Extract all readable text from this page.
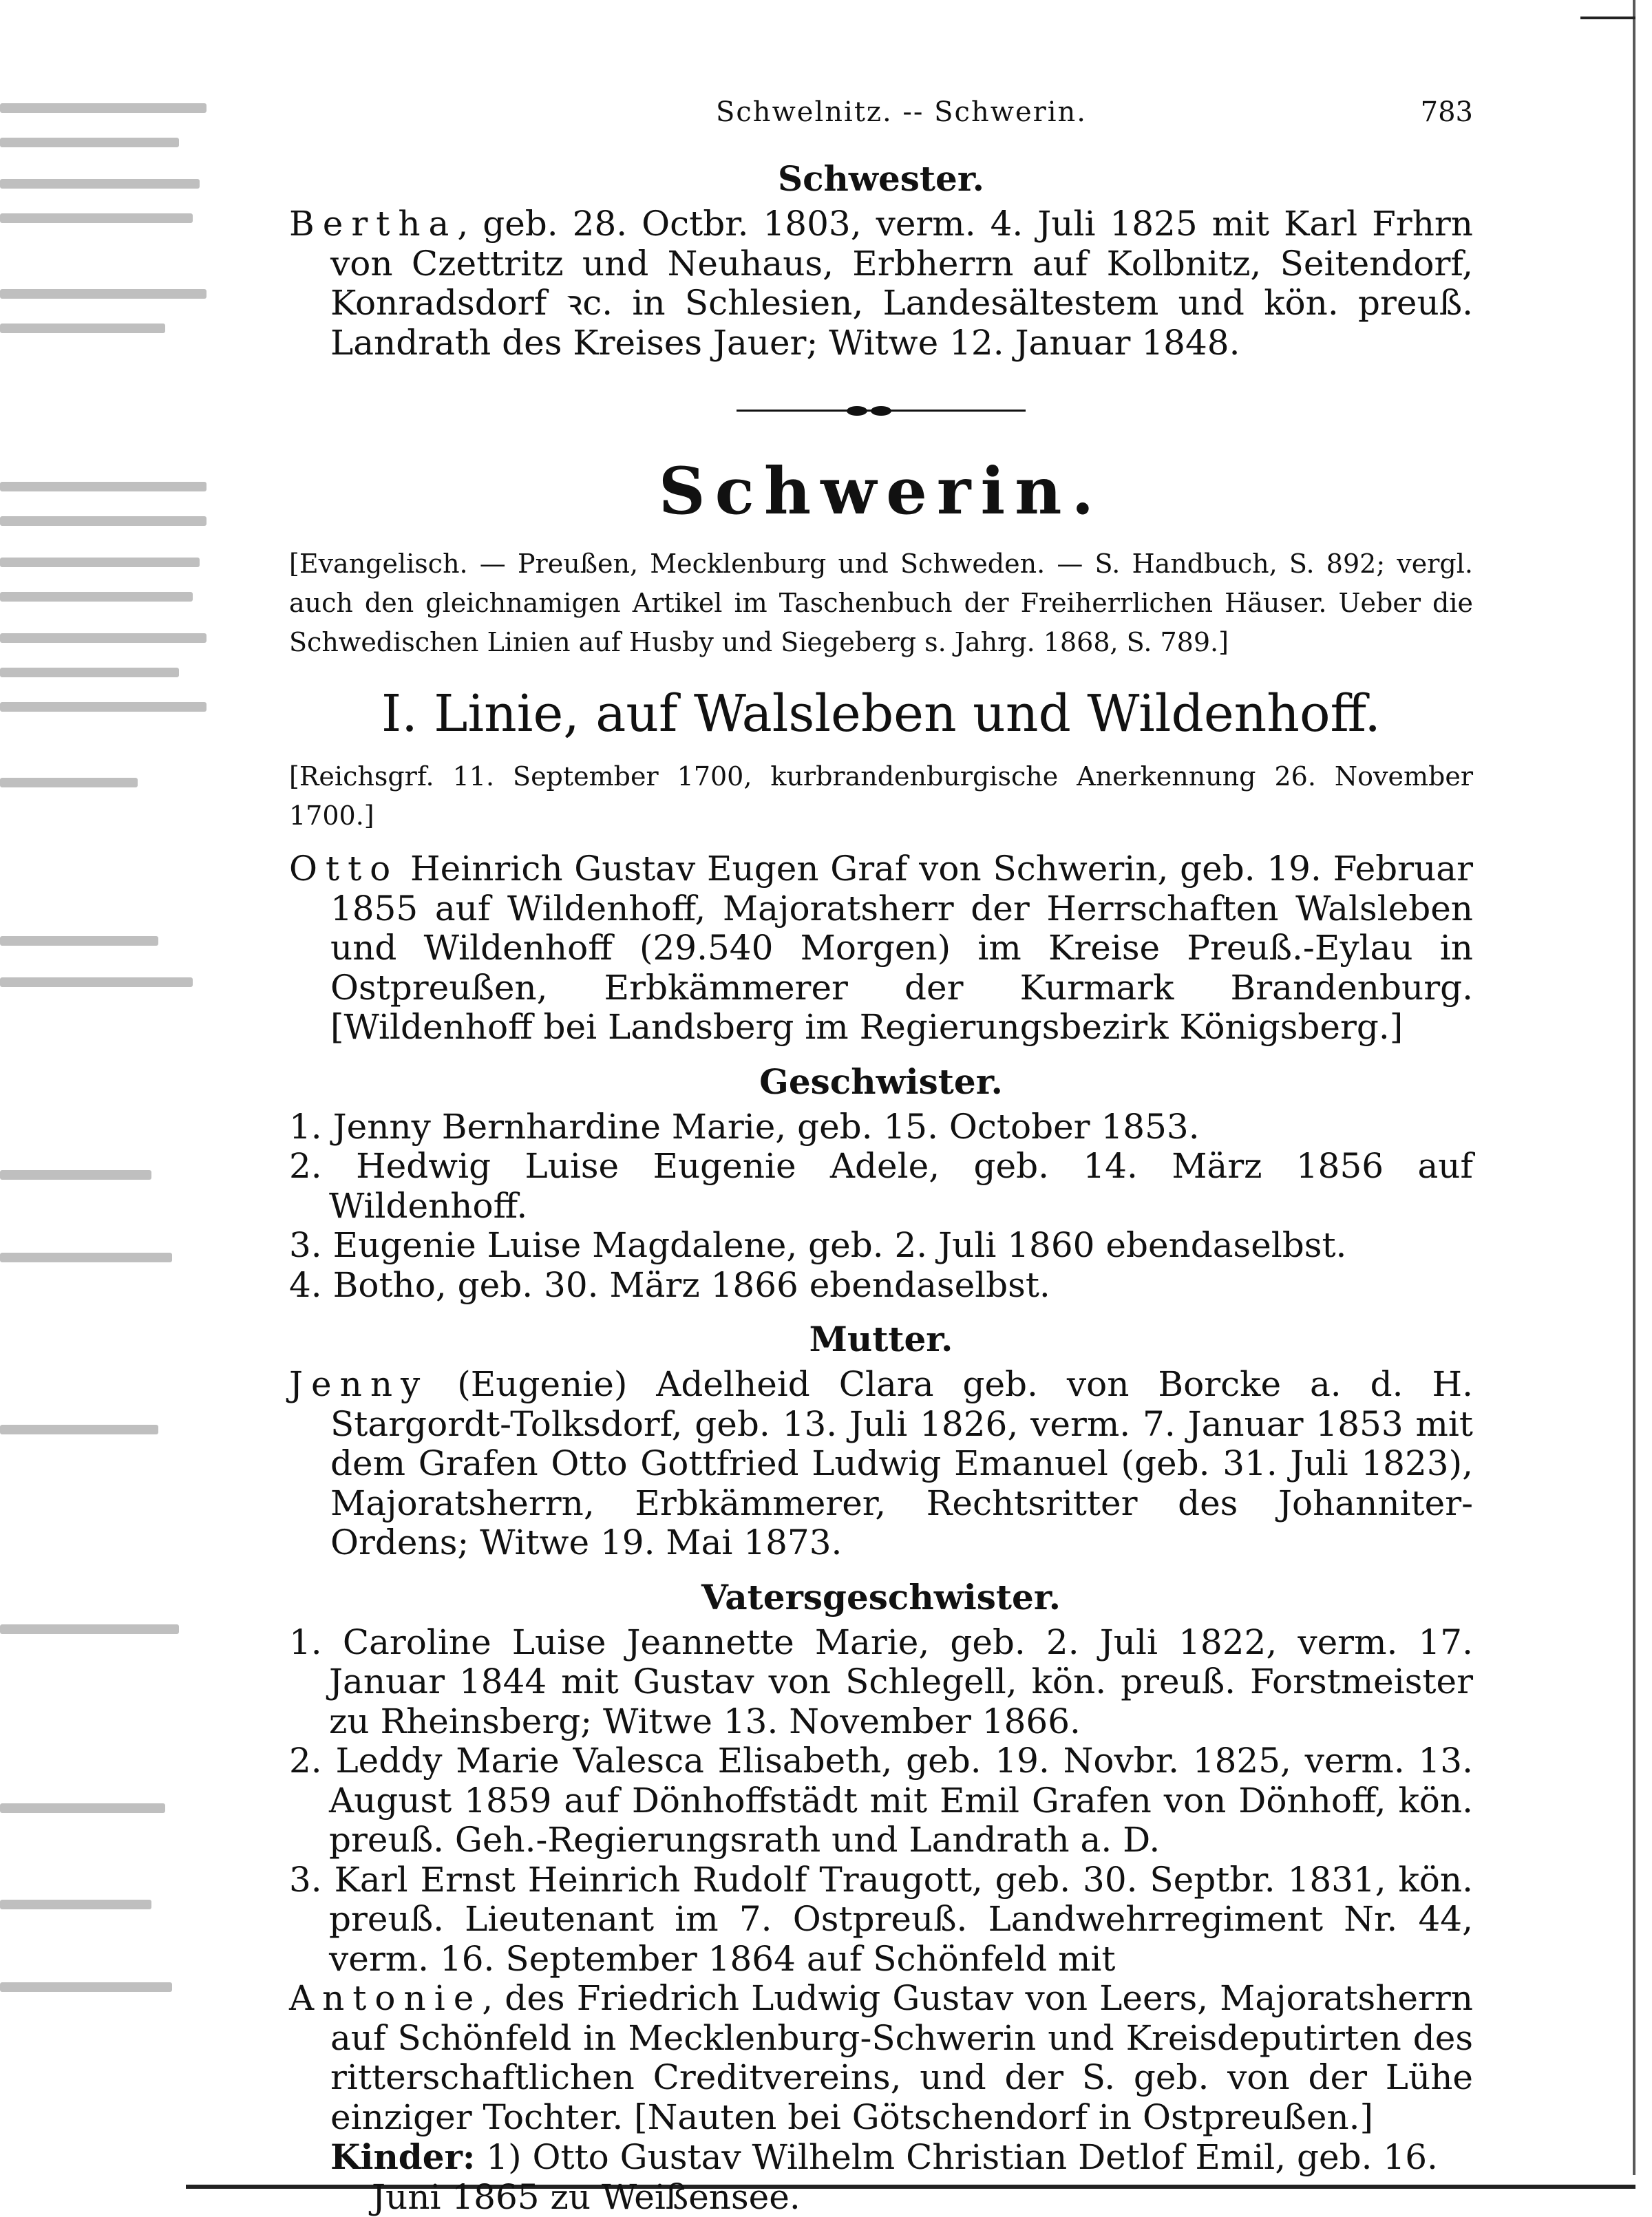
Schwelnitz. -- Schwerin.	783
Schwester.

Bertha, geb. 28. Octbr. 1803, verm. 4. Juli 1825 mit Karl Frhrn von Czettritz und Neuhaus, Erbherrn auf Kolbnitz, Seitendorf, Konradsdorf ꝛc. in Schlesien, Landesältestem und kön. preuß. Landrath des Kreises Jauer; Witwe 12. Januar 1848.

Schwerin.

[Evangelisch. — Preußen, Mecklenburg und Schweden. — S. Handbuch, S. 892; vergl. auch den gleichnamigen Artikel im Taschenbuch der Freiherrlichen Häuser. Ueber die Schwedischen Linien auf Husby und Siegeberg s. Jahrg. 1868, S. 789.]

I. Linie, auf Walsleben und Wildenhoff.

[Reichsgrf. 11. September 1700, kurbrandenburgische Anerkennung 26. November 1700.]

Otto Heinrich Gustav Eugen Graf von Schwerin, geb. 19. Februar 1855 auf Wildenhoff, Majoratsherr der Herrschaften Walsleben und Wildenhoff (29.540 Morgen) im Kreise Preuß.-Eylau in Ostpreußen, Erbkämmerer der Kurmark Brandenburg. [Wildenhoff bei Landsberg im Regierungsbezirk Königsberg.]

Geschwister.
1. Jenny Bernhardine Marie, geb. 15. October 1853.
2. Hedwig Luise Eugenie Adele, geb. 14. März 1856 auf Wildenhoff.
3. Eugenie Luise Magdalene, geb. 2. Juli 1860 ebendaselbst.
4. Botho, geb. 30. März 1866 ebendaselbst.
Mutter.

Jenny (Eugenie) Adelheid Clara geb. von Borcke a. d. H. Stargordt-Tolksdorf, geb. 13. Juli 1826, verm. 7. Januar 1853 mit dem Grafen Otto Gottfried Ludwig Emanuel (geb. 31. Juli 1823), Majoratsherrn, Erbkämmerer, Rechtsritter des Johanniter-Ordens; Witwe 19. Mai 1873.

Vatersgeschwister.
1. Caroline Luise Jeannette Marie, geb. 2. Juli 1822, verm. 17. Januar 1844 mit Gustav von Schlegell, kön. preuß. Forstmeister zu Rheinsberg; Witwe 13. November 1866.
2. Leddy Marie Valesca Elisabeth, geb. 19. Novbr. 1825, verm. 13. August 1859 auf Dönhoffstädt mit Emil Grafen von Dönhoff, kön. preuß. Geh.-Regierungsrath und Landrath a. D.
3. Karl Ernst Heinrich Rudolf Traugott, geb. 30. Septbr. 1831, kön. preuß. Lieutenant im 7. Ostpreuß. Landwehrregiment Nr. 44, verm. 16. September 1864 auf Schönfeld mit

Antonie, des Friedrich Ludwig Gustav von Leers, Majoratsherrn auf Schönfeld in Mecklenburg-Schwerin und Kreisdeputirten des ritterschaftlichen Creditvereins, und der S. geb. von der Lühe einziger Tochter. [Nauten bei Götschendorf in Ostpreußen.]

Kinder: 1) Otto Gustav Wilhelm Christian Detlof Emil, geb. 16. Juni 1865 zu Weißensee.
